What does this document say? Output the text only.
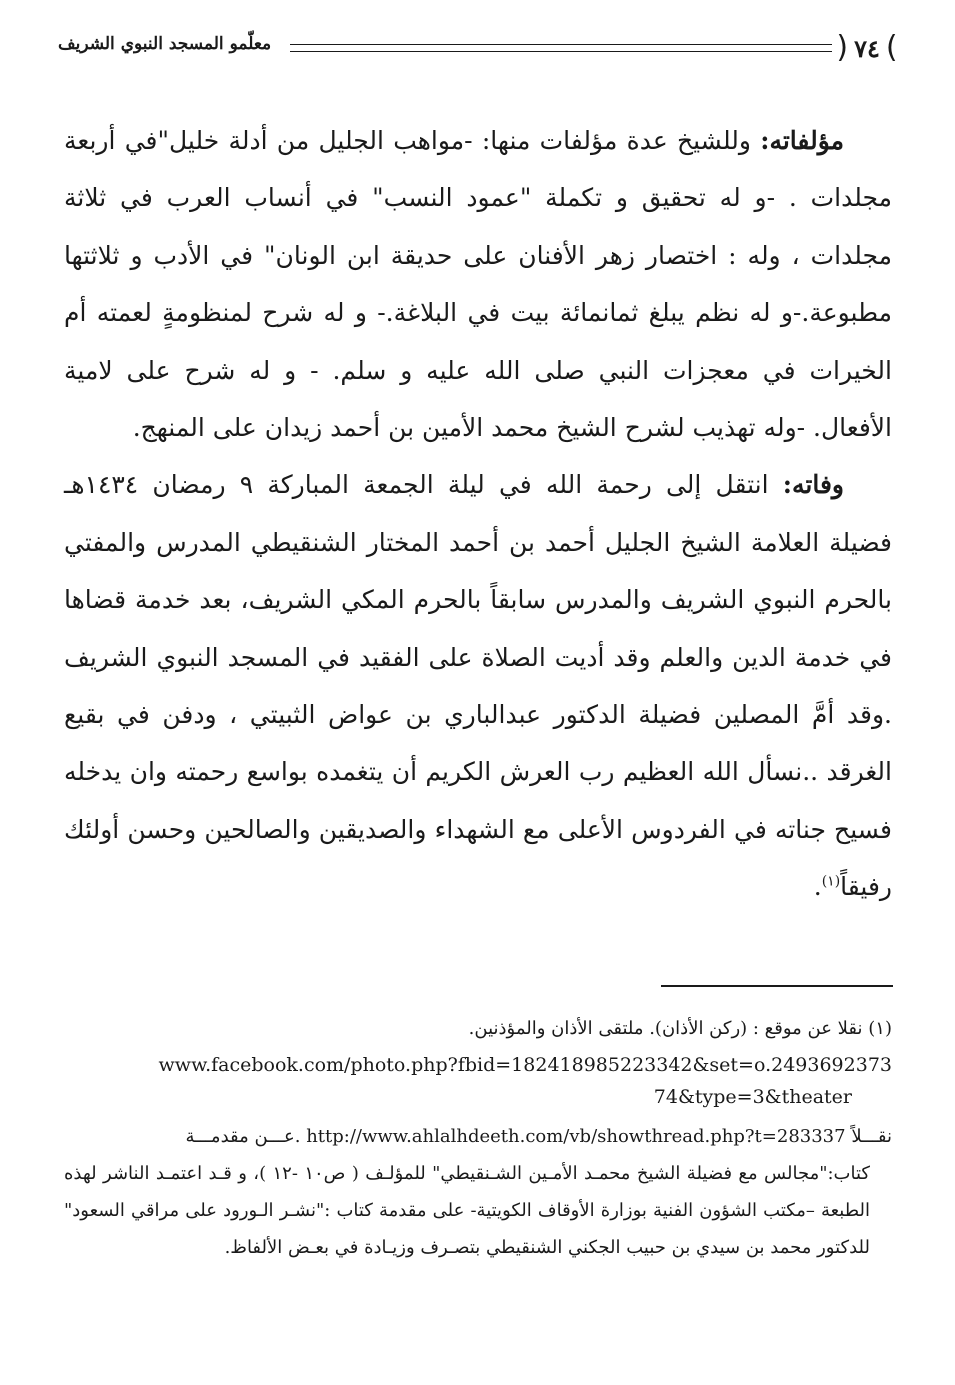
)
٧٤
(
معلّمو المسجد النبوي الشريف

مؤلفاته: وللشيخ عدة مؤلفات منها: -مواهب الجليل من أدلة خليل"في أربعة مجلدات . -و له تحقيق و تكملة "عمود النسب" في أنساب العرب في ثلاثة مجلدات ، وله : اختصار زهر الأفنان على حديقة ابن الونان" في الأدب و ثلاثتها مطبوعة.-و له نظم يبلغ ثمانمائة بيت في البلاغة.- و له شرح لمنظومةٍ لعمته أم الخيرات في معجزات النبي صلى الله عليه و سلم. - و له شرح على لامية الأفعال. -وله تهذيب لشرح الشيخ محمد الأمين بن أحمد زيدان على المنهج.

وفاته: انتقل إلى رحمة الله في ليلة الجمعة المباركة ٩ رمضان ١٤٣٤هـ فضيلة العلامة الشيخ الجليل أحمد بن أحمد المختار الشنقيطي المدرس والمفتي بالحرم النبوي الشريف والمدرس سابقاً بالحرم المكي الشريف، بعد خدمة قضاها في خدمة الدين والعلم وقد أديت الصلاة على الفقيد في المسجد النبوي الشريف .وقد أمَّ المصلين فضيلة الدكتور عبدالباري بن عواض الثبيتي ، ودفن في بقيع الغرقد ..نسأل الله العظيم رب العرش الكريم أن يتغمده بواسع رحمته وان يدخله فسيح جناته في الفردوس الأعلى مع الشهداء والصديقين والصالحين وحسن أولئك رفيقاً$^{(١)}$.

(١) نقلا عن موقع : (ركن الأذان). ملتقى الأذان والمؤذنين.

www.facebook.com/photo.php?fbid=182418985223342&set=o.2493692373

74&type=3&theater

نقـــلاً http://www.ahlalhdeeth.com/vb/showthread.php?t=283337 .عـــن مقدمـــة

كتاب:"مجالس مع فضيلة الشيخ محمـد الأمـين الشـنقيطي" للمؤلـف ( ص١٠ -١٢ )، و قـد اعتمـد الناشر لهذه الطبعة –مكتب الشؤون الفنية بوزارة الأوقاف الكويتية- على مقدمة كتاب :"نشـر الـورود على مراقي السعود" للدكتور محمد بن سيدي بن حبيب الجكني الشنقيطي بتصـرف وزيـادة في بعـض الألفاظ.
